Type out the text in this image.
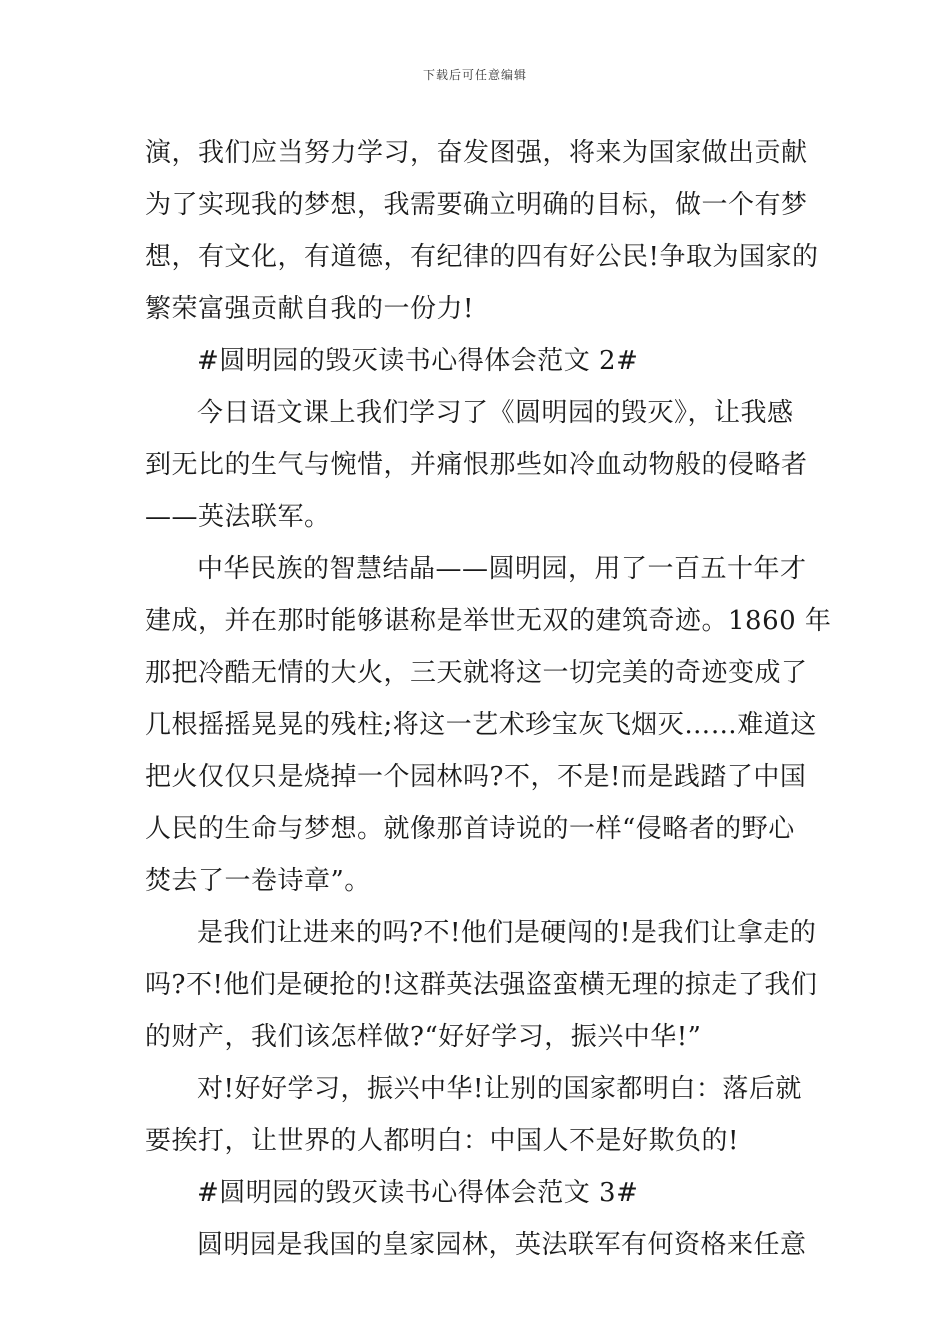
下载后可任意编辑
演，我们应当努力学习，奋发图强，将来为国家做出贡献
为了实现我的梦想，我需要确立明确的目标，做一个有梦
想，有文化，有道德，有纪律的四有好公民!争取为国家的
繁荣富强贡献自我的一份力!
#圆明园的毁灭读书心得体会范文 2#
今日语文课上我们学习了《圆明园的毁灭》，让我感
到无比的生气与惋惜，并痛恨那些如冷血动物般的侵略者
——英法联军。
中华民族的智慧结晶——圆明园，用了一百五十年才
建成，并在那时能够谌称是举世无双的建筑奇迹。1860 年
那把冷酷无情的大火，三天就将这一切完美的奇迹变成了
几根摇摇晃晃的残柱;将这一艺术珍宝灰飞烟灭……难道这
把火仅仅只是烧掉一个园林吗?不，不是!而是践踏了中国
人民的生命与梦想。就像那首诗说的一样“侵略者的野心
焚去了一卷诗章”。
是我们让进来的吗?不!他们是硬闯的!是我们让拿走的
吗?不!他们是硬抢的!这群英法强盗蛮横无理的掠走了我们
的财产，我们该怎样做?“好好学习，振兴中华!”
对!好好学习，振兴中华!让别的国家都明白：落后就
要挨打，让世界的人都明白：中国人不是好欺负的!
#圆明园的毁灭读书心得体会范文 3#
圆明园是我国的皇家园林，英法联军有何资格来任意
